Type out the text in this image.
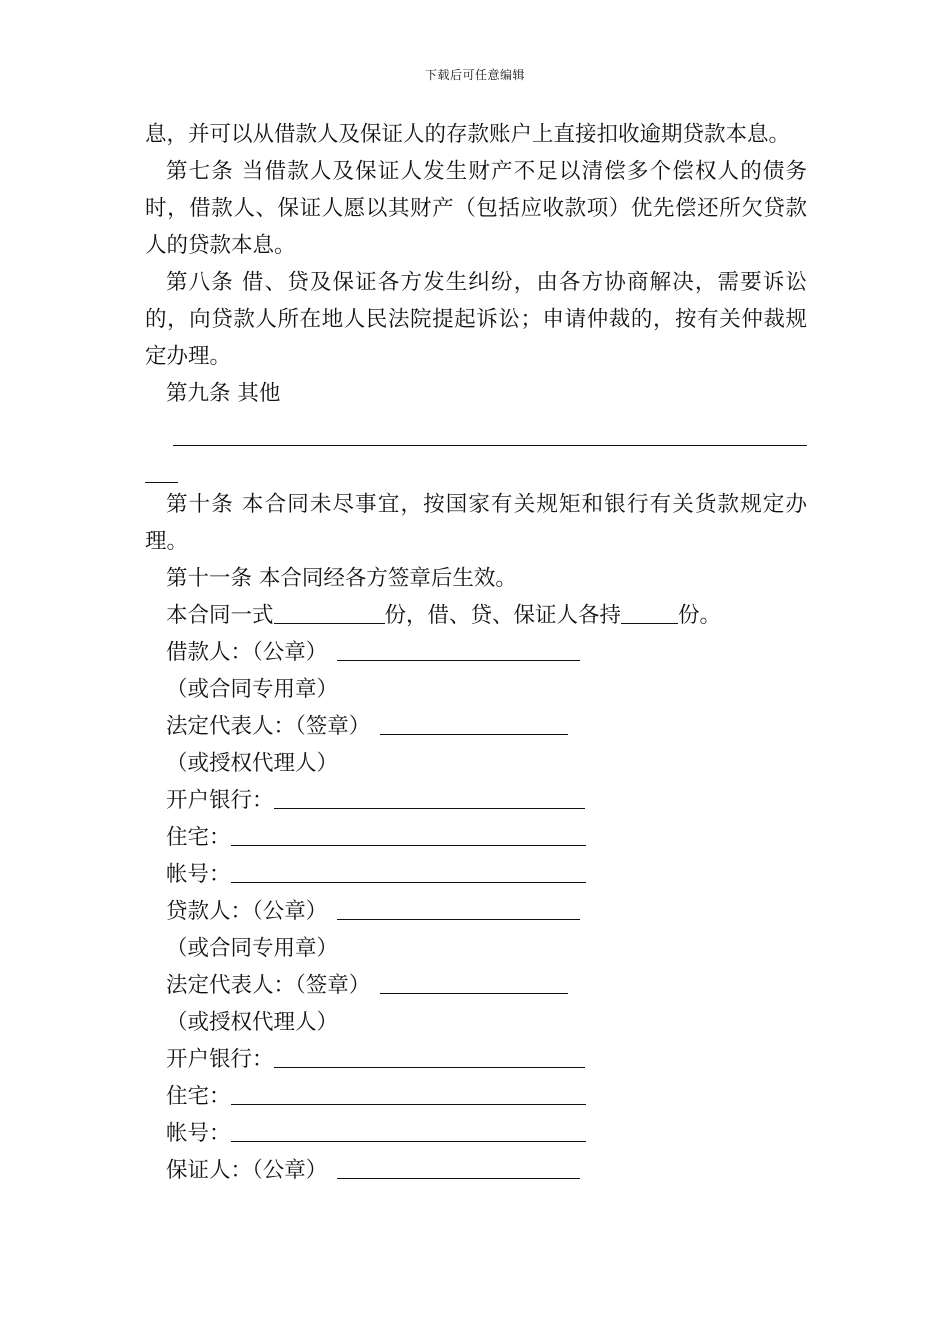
下载后可任意编辑

息，并可以从借款人及保证人的存款账户上直接扣收逾期贷款本息。

第七条 当借款人及保证人发生财产不足以清偿多个偿权人的债务时，借款人、保证人愿以其财产（包括应收款项）优先偿还所欠贷款人的贷款本息。

第八条 借、贷及保证各方发生纠纷，由各方协商解决，需要诉讼的，向贷款人所在地人民法院提起诉讼；申请仲裁的，按有关仲裁规定办理。

第九条 其他

第十条 本合同未尽事宜，按国家有关规矩和银行有关货款规定办理。

第十一条 本合同经各方签章后生效。

本合同一式	份，借、贷、保证人各持	份。

借款人：（公章）

（或合同专用章）

法定代表人：（签章）

（或授权代理人）

开户银行：

住宅：

帐号：

贷款人：（公章）

（或合同专用章）

法定代表人：（签章）

（或授权代理人）

开户银行：

住宅：

帐号：

保证人：（公章）
